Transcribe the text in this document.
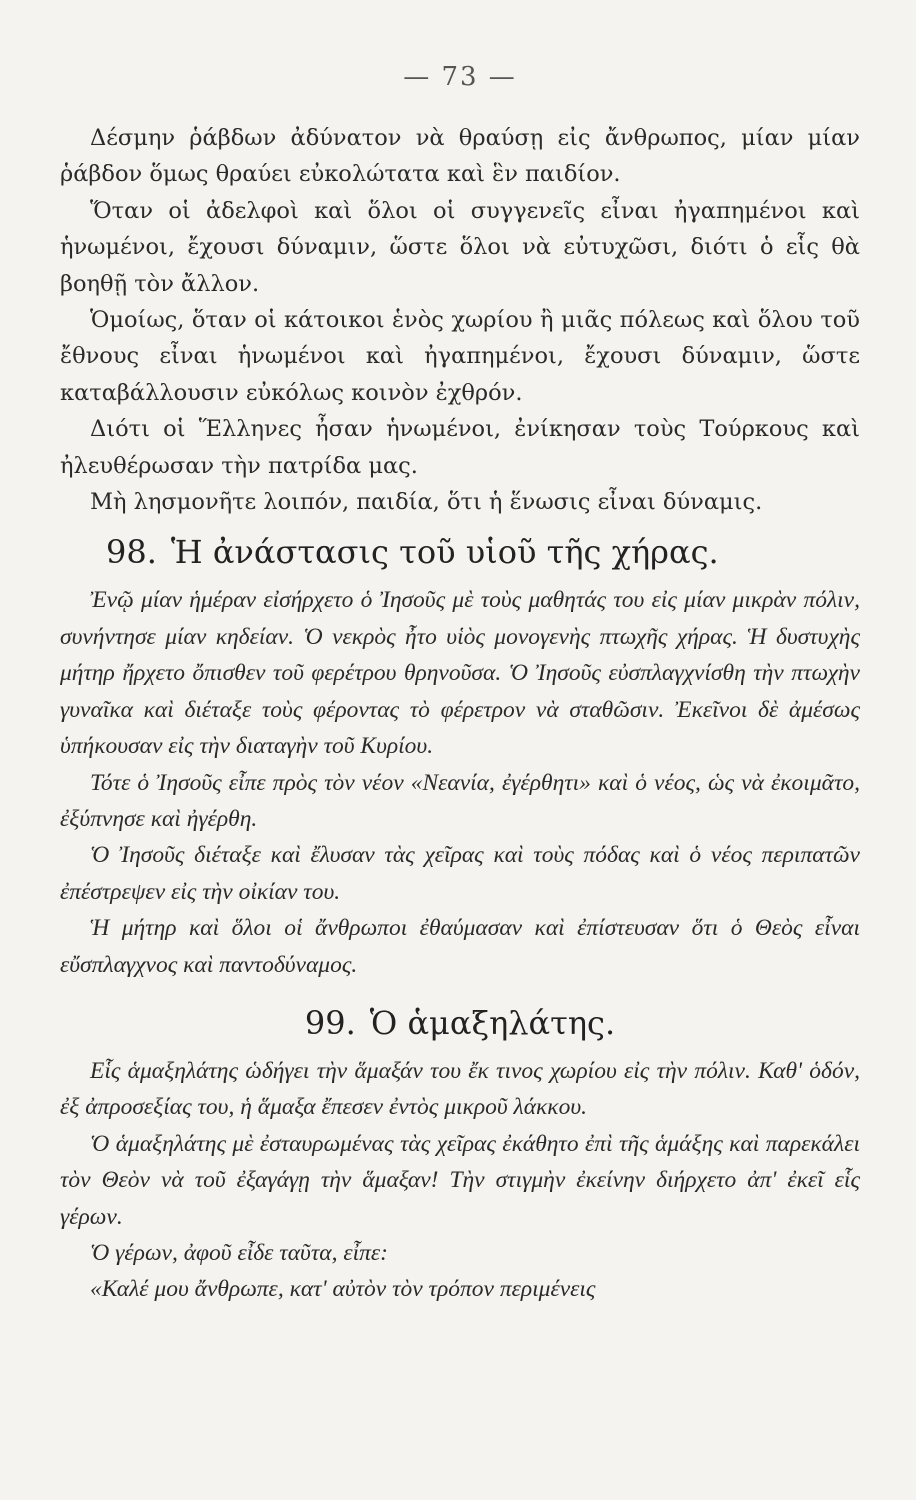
— 73 —

Δέσμην ῥάβδων ἀδύνατον νὰ θραύσῃ εἰς ἄνθρωπος, μίαν μίαν ῥάβδον ὅμως θραύει εὐκολώτατα καὶ ἓν παιδίον.

Ὅταν οἱ ἀδελφοὶ καὶ ὅλοι οἱ συγγενεῖς εἶναι ἠγαπημένοι καὶ ἡνωμένοι, ἔχουσι δύναμιν, ὥστε ὅλοι νὰ εὐτυχῶσι, διότι ὁ εἷς θὰ βοηθῇ τὸν ἄλλον.

Ὁμοίως, ὅταν οἱ κάτοικοι ἑνὸς χωρίου ἢ μιᾶς πόλεως καὶ ὅλου τοῦ ἔθνους εἶναι ἡνωμένοι καὶ ἠγαπημένοι, ἔχουσι δύναμιν, ὥστε καταβάλλουσιν εὐκόλως κοινὸν ἐχθρόν.

Διότι οἱ Ἕλληνες ἦσαν ἡνωμένοι, ἐνίκησαν τοὺς Τούρκους καὶ ἠλευθέρωσαν τὴν πατρίδα μας.

Μὴ λησμονῆτε λοιπόν, παιδία, ὅτι ἡ ἕνωσις εἶναι δύναμις.

98. Ἡ ἀνάστασις τοῦ υἱοῦ τῆς χήρας.

Ἐνῷ μίαν ἡμέραν εἰσήρχετο ὁ Ἰησοῦς μὲ τοὺς μαθητάς του εἰς μίαν μικρὰν πόλιν, συνήντησε μίαν κηδείαν. Ὁ νεκρὸς ἦτο υἱὸς μονογενὴς πτωχῆς χήρας. Ἡ δυστυχὴς μήτηρ ἤρχετο ὄπισθεν τοῦ φερέτρου θρηνοῦσα. Ὁ Ἰησοῦς εὐσπλαγχνίσθη τὴν πτωχὴν γυναῖκα καὶ διέταξε τοὺς φέροντας τὸ φέρετρον νὰ σταθῶσιν. Ἐκεῖνοι δὲ ἀμέσως ὑπήκουσαν εἰς τὴν διαταγὴν τοῦ Κυρίου.

Τότε ὁ Ἰησοῦς εἶπε πρὸς τὸν νέον «Νεανία, ἐγέρθητι» καὶ ὁ νέος, ὡς νὰ ἐκοιμᾶτο, ἐξύπνησε καὶ ἠγέρθη.

Ὁ Ἰησοῦς διέταξε καὶ ἔλυσαν τὰς χεῖρας καὶ τοὺς πόδας καὶ ὁ νέος περιπατῶν ἐπέστρεψεν εἰς τὴν οἰκίαν του.

Ἡ μήτηρ καὶ ὅλοι οἱ ἄνθρωποι ἐθαύμασαν καὶ ἐπίστευσαν ὅτι ὁ Θεὸς εἶναι εὔσπλαγχνος καὶ παντοδύναμος.

99. Ὁ ἁμαξηλάτης.

Εἷς ἁμαξηλάτης ὡδήγει τὴν ἅμαξάν του ἔκ τινος χωρίου εἰς τὴν πόλιν. Καθ' ὁδόν, ἐξ ἀπροσεξίας του, ἡ ἅμαξα ἔπεσεν ἐντὸς μικροῦ λάκκου.

Ὁ ἁμαξηλάτης μὲ ἐσταυρωμένας τὰς χεῖρας ἐκάθητο ἐπὶ τῆς ἁμάξης καὶ παρεκάλει τὸν Θεὸν νὰ τοῦ ἐξαγάγῃ τὴν ἅμαξαν! Τὴν στιγμὴν ἐκείνην διήρχετο ἀπ' ἐκεῖ εἷς γέρων.

Ὁ γέρων, ἀφοῦ εἶδε ταῦτα, εἶπε:

«Καλέ μου ἄνθρωπε, κατ' αὐτὸν τὸν τρόπον περιμένεις
